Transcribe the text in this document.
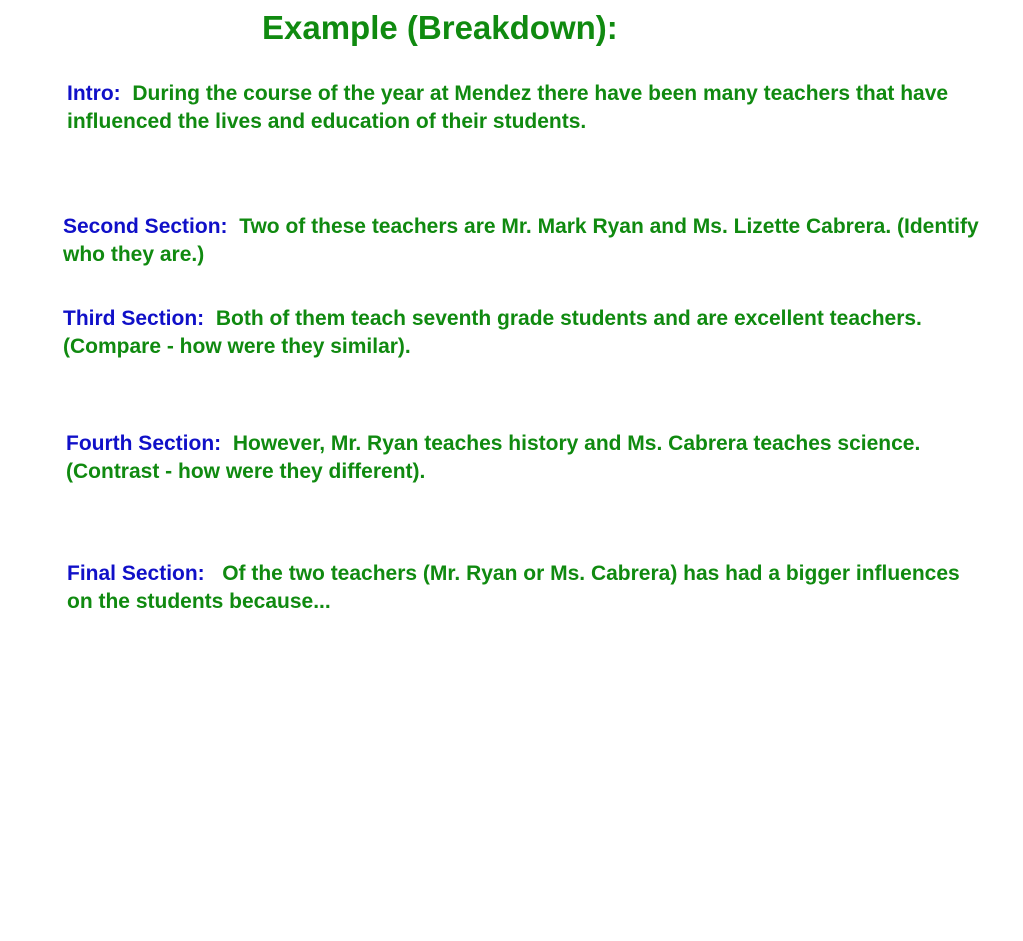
Example (Breakdown):

Intro: During the course of the year at Mendez there have been many teachers that have influenced the lives and education of their students.

Second Section: Two of these teachers are Mr. Mark Ryan and Ms. Lizette Cabrera. (Identify who they are.)

Third Section: Both of them teach seventh grade students and are excellent teachers. (Compare - how were they similar).

Fourth Section: However, Mr. Ryan teaches history and Ms. Cabrera teaches science. (Contrast - how were they different).

Final Section: Of the two teachers (Mr. Ryan or Ms. Cabrera) has had a bigger influences on the students because...
